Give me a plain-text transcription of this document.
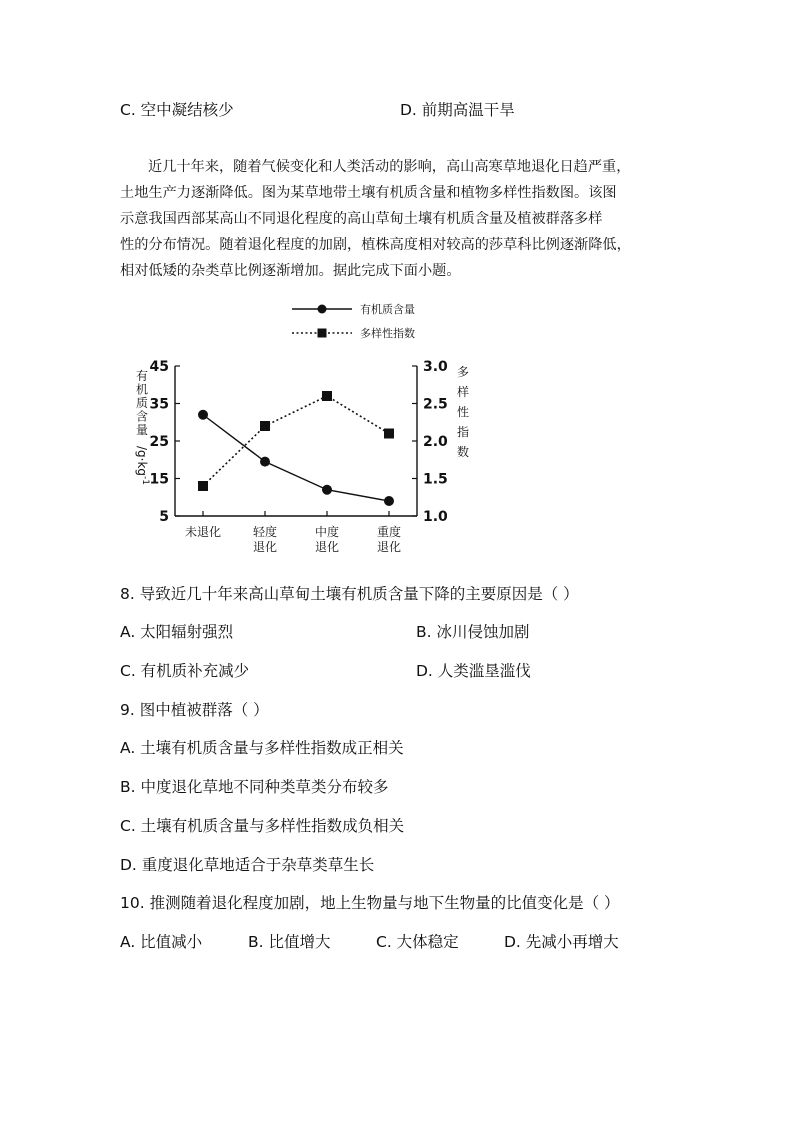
C. 空中凝结核少	D. 前期高温干旱
近几十年来，随着气候变化和人类活动的影响，高山高寒草地退化日趋严重，
土地生产力逐渐降低。图为某草地带土壤有机质含量和植物多样性指数图。该图
示意我国西部某高山不同退化程度的高山草甸土壤有机质含量及植被群落多样
性的分布情况。随着退化程度的加剧，植株高度相对较高的莎草科比例逐渐降低，
相对低矮的杂类草比例逐渐增加。据此完成下面小题。
有机质含量
多样性指数
45
35
25
15
5
3.0
2.5
2.0
1.5
1.0
未退化	轻度
退化
中度
退化
重度
退化
有
机
质
含
量
$/g\cdot kg^{-1}$
多
样
性
指
数
8. 导致近几十年来高山草甸土壤有机质含量下降的主要原因是（ ）
A. 太阳辐射强烈	B. 冰川侵蚀加剧
C. 有机质补充减少	D. 人类滥垦滥伐
9. 图中植被群落（ ）
A. 土壤有机质含量与多样性指数成正相关
B. 中度退化草地不同种类草类分布较多
C. 土壤有机质含量与多样性指数成负相关
D. 重度退化草地适合于杂草类草生长
10. 推测随着退化程度加剧，地上生物量与地下生物量的比值变化是（ ）
A. 比值减小	B. 比值增大	C. 大体稳定	D. 先减小再增大
